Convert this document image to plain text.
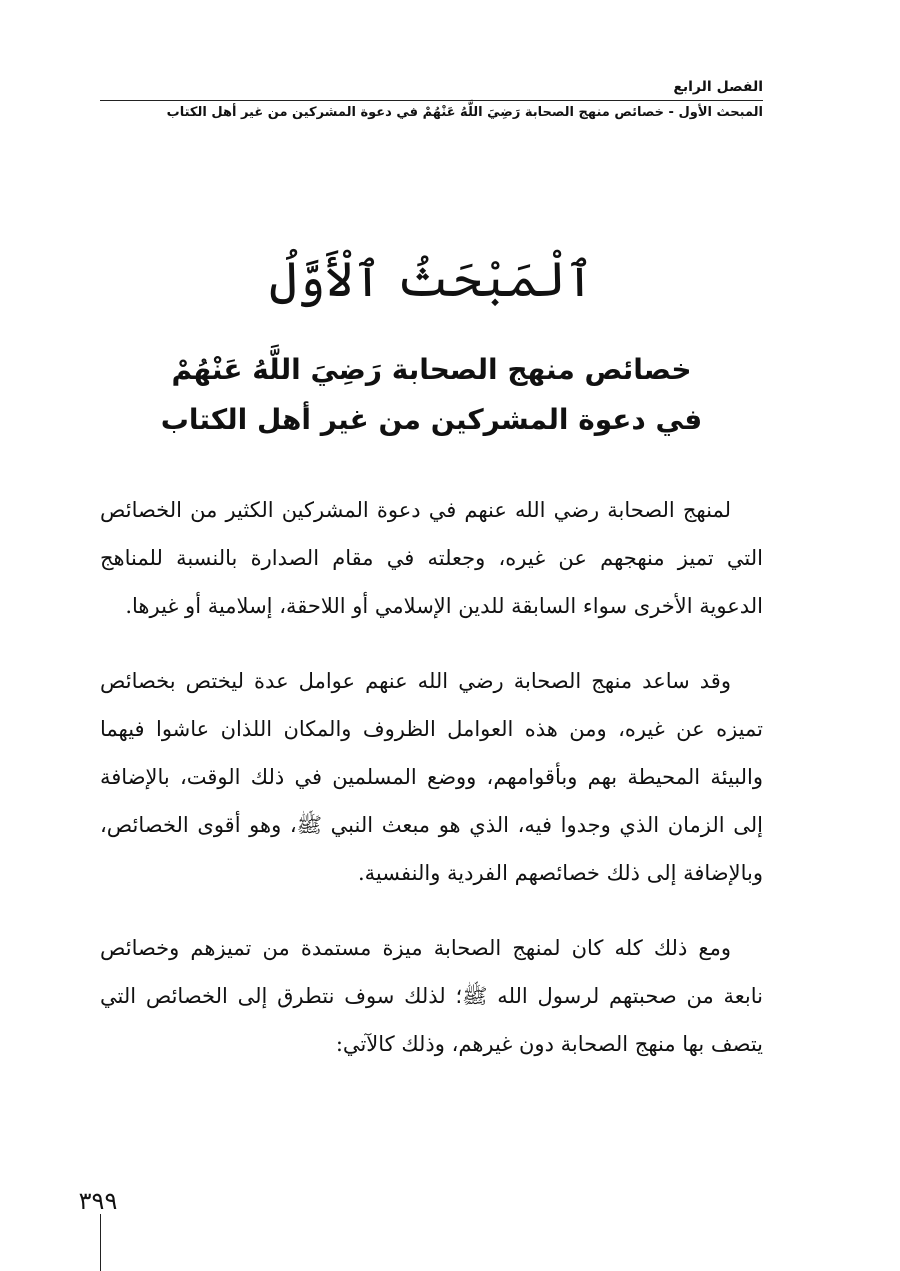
الفصل الرابع
المبحث الأول - خصائص منهج الصحابة رَضِيَ اللَّهُ عَنْهُمْ في دعوة المشركين من غير أهل الكتاب
ٱلْمَبْحَثُ ٱلْأَوَّلُ
خصائص منهج الصحابة رَضِيَ اللَّهُ عَنْهُمْ
في دعوة المشركين من غير أهل الكتاب

لمنهج الصحابة رضي الله عنهم في دعوة المشركين الكثير من الخصائص التي تميز منهجهم عن غيره، وجعلته في مقام الصدارة بالنسبة للمناهج الدعوية الأخرى سواء السابقة للدين الإسلامي أو اللاحقة، إسلامية أو غيرها.

وقد ساعد منهج الصحابة رضي الله عنهم عوامل عدة ليختص بخصائص تميزه عن غيره، ومن هذه العوامل الظروف والمكان اللذان عاشوا فيهما والبيئة المحيطة بهم وبأقوامهم، ووضع المسلمين في ذلك الوقت، بالإضافة إلى الزمان الذي وجدوا فيه، الذي هو مبعث النبي ﷺ، وهو أقوى الخصائص، وبالإضافة إلى ذلك خصائصهم الفردية والنفسية.

ومع ذلك كله كان لمنهج الصحابة ميزة مستمدة من تميزهم وخصائص نابعة من صحبتهم لرسول الله ﷺ؛ لذلك سوف نتطرق إلى الخصائص التي يتصف بها منهج الصحابة دون غيرهم، وذلك كالآتي:

٣٩٩
